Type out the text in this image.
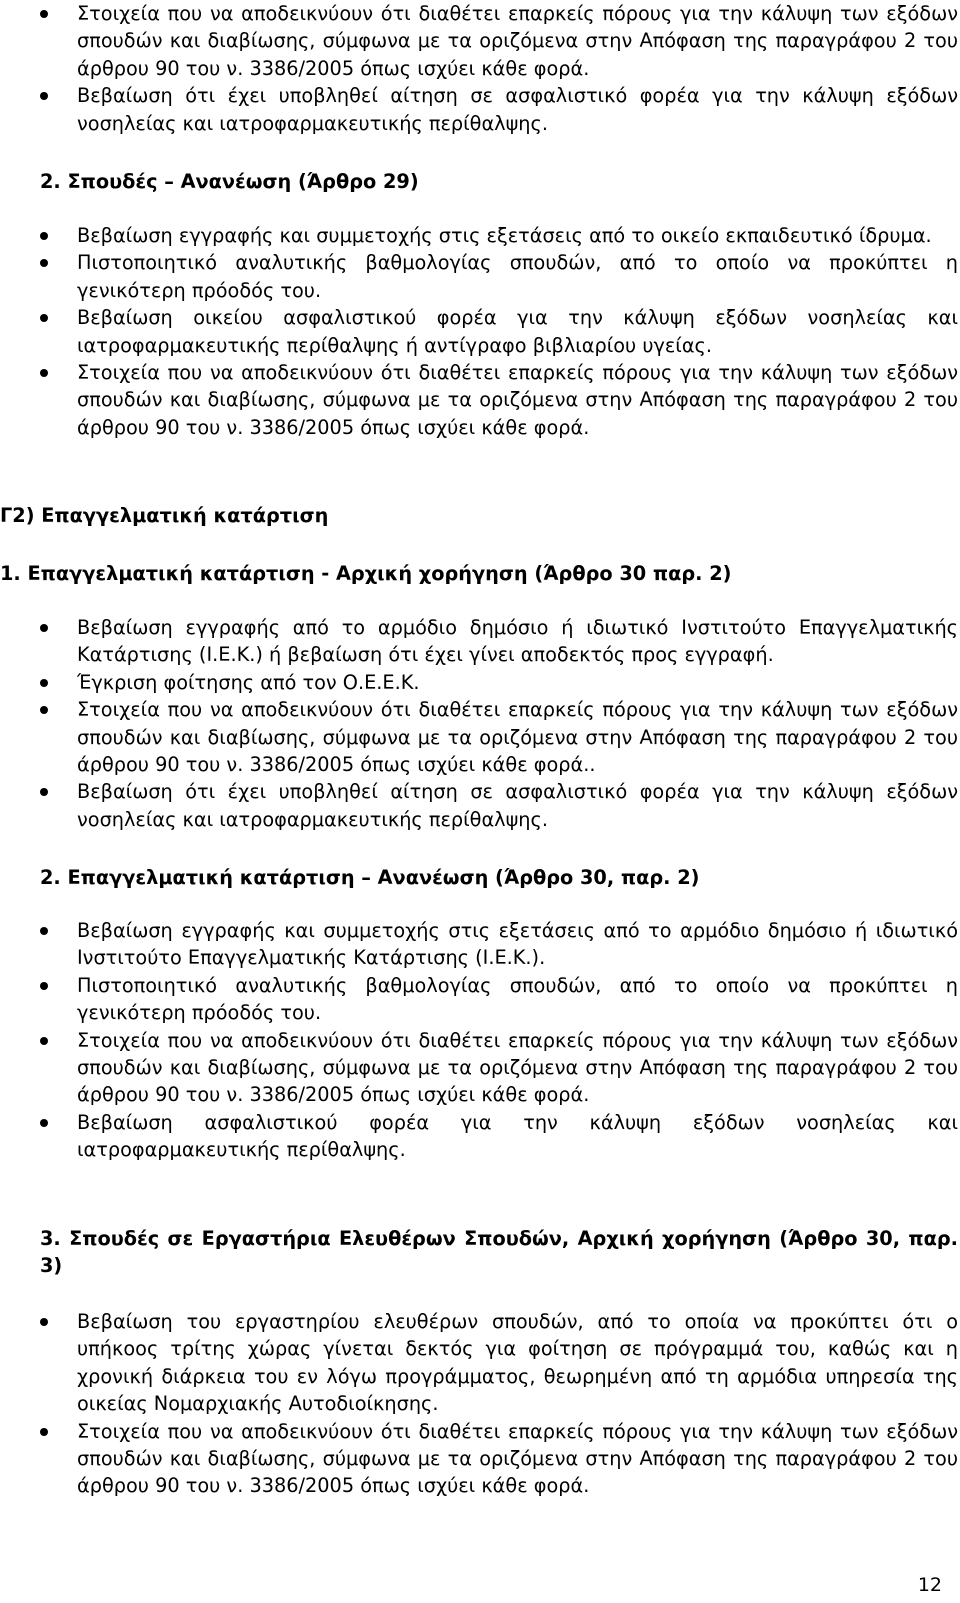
Στοιχεία που να αποδεικνύουν ότι διαθέτει επαρκείς πόρους για την κάλυψη των εξόδων σπουδών και διαβίωσης, σύμφωνα με τα οριζόμενα στην Απόφαση της παραγράφου 2 του άρθρου 90 του ν. 3386/2005 όπως ισχύει κάθε φορά.
Βεβαίωση ότι έχει υποβληθεί αίτηση σε ασφαλιστικό φορέα για την κάλυψη εξόδων νοσηλείας και ιατροφαρμακευτικής περίθαλψης.

2. Σπουδές – Ανανέωση (Άρθρο 29)

Βεβαίωση εγγραφής και συμμετοχής στις εξετάσεις από το οικείο εκπαιδευτικό ίδρυμα.
Πιστοποιητικό αναλυτικής βαθμολογίας σπουδών, από το οποίο να προκύπτει η γενικότερη πρόοδός του.
Βεβαίωση οικείου ασφαλιστικού φορέα για την κάλυψη εξόδων νοσηλείας και ιατροφαρμακευτικής περίθαλψης ή αντίγραφο βιβλιαρίου υγείας.
Στοιχεία που να αποδεικνύουν ότι διαθέτει επαρκείς πόρους για την κάλυψη των εξόδων σπουδών και διαβίωσης, σύμφωνα με τα οριζόμενα στην Απόφαση της παραγράφου 2 του άρθρου 90 του ν. 3386/2005 όπως ισχύει κάθε φορά.

Γ2) Επαγγελματική κατάρτιση

1. Επαγγελματική κατάρτιση - Αρχική χορήγηση (Άρθρο 30 παρ. 2)

Βεβαίωση εγγραφής από το αρμόδιο δημόσιο ή ιδιωτικό Ινστιτούτο Επαγγελματικής Κατάρτισης (Ι.Ε.Κ.) ή βεβαίωση ότι έχει γίνει αποδεκτός προς εγγραφή.
Έγκριση φοίτησης από τον Ο.Ε.Ε.Κ.
Στοιχεία που να αποδεικνύουν ότι διαθέτει επαρκείς πόρους για την κάλυψη των εξόδων σπουδών και διαβίωσης, σύμφωνα με τα οριζόμενα στην Απόφαση της παραγράφου 2 του άρθρου 90 του ν. 3386/2005 όπως ισχύει κάθε φορά..
Βεβαίωση ότι έχει υποβληθεί αίτηση σε ασφαλιστικό φορέα για την κάλυψη εξόδων νοσηλείας και ιατροφαρμακευτικής περίθαλψης.

2. Επαγγελματική κατάρτιση – Ανανέωση (Άρθρο 30, παρ. 2)

Βεβαίωση εγγραφής και συμμετοχής στις εξετάσεις από το αρμόδιο δημόσιο ή ιδιωτικό Ινστιτούτο Επαγγελματικής Κατάρτισης (Ι.Ε.Κ.).
Πιστοποιητικό αναλυτικής βαθμολογίας σπουδών, από το οποίο να προκύπτει η γενικότερη πρόοδός του.
Στοιχεία που να αποδεικνύουν ότι διαθέτει επαρκείς πόρους για την κάλυψη των εξόδων σπουδών και διαβίωσης, σύμφωνα με τα οριζόμενα στην Απόφαση της παραγράφου 2 του άρθρου 90 του ν. 3386/2005 όπως ισχύει κάθε φορά.
Βεβαίωση ασφαλιστικού φορέα για την κάλυψη εξόδων νοσηλείας και ιατροφαρμακευτικής περίθαλψης.

3. Σπουδές σε Εργαστήρια Ελευθέρων Σπουδών, Αρχική χορήγηση (Άρθρο 30, παρ. 3)

Βεβαίωση του εργαστηρίου ελευθέρων σπουδών, από το οποία να προκύπτει ότι ο υπήκοος τρίτης χώρας γίνεται δεκτός για φοίτηση σε πρόγραμμά του, καθώς και η χρονική διάρκεια του εν λόγω προγράμματος, θεωρημένη από τη αρμόδια υπηρεσία της οικείας Νομαρχιακής Αυτοδιοίκησης.
Στοιχεία που να αποδεικνύουν ότι διαθέτει επαρκείς πόρους για την κάλυψη των εξόδων σπουδών και διαβίωσης, σύμφωνα με τα οριζόμενα στην Απόφαση της παραγράφου 2 του άρθρου 90 του ν. 3386/2005 όπως ισχύει κάθε φορά.
12
